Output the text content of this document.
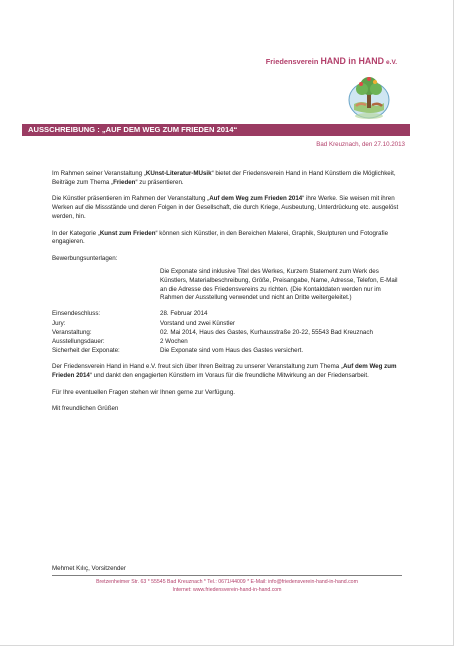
Friedensverein HAND in HAND e.V.
AUSSCHREIBUNG : „AUF DEM WEG ZUM FRIEDEN 2014“
Bad Kreuznach, den 27.10.2013

Im Rahmen seiner Veranstaltung „KUnst-Literatur-MUsik“ bietet der Friedensverein Hand in Hand Künstlern die Möglichkeit, Beiträge zum Thema „Frieden“ zu präsentieren.

Die Künstler präsentieren im Rahmen der Veranstaltung „Auf dem Weg zum Frieden 2014“ ihre Werke. Sie weisen mit ihren Werken auf die Missstände und deren Folgen in der Gesellschaft, die durch Kriege, Ausbeutung, Unterdrückung etc. ausgelöst werden, hin.

In der Kategorie „Kunst zum Frieden“ können sich Künstler, in den Bereichen Malerei, Graphik, Skulpturen und Fotografie engagieren.

Bewerbungsunterlagen:
Die Exponate sind inklusive Titel des Werkes, Kurzem Statement zum Werk des Künstlers, Materialbeschreibung, Größe, Preisangabe, Name, Adresse, Telefon, E-Mail an die Adresse des Friedensvereins zu richten. (Die Kontaktdaten werden nur im Rahmen der Ausstellung verwendet und nicht an Dritte weitergeleitet.)
Einsendeschluss:	28. Februar 2014
Jury:	Vorstand und zwei Künstler
Veranstaltung:	02. Mai 2014, Haus des Gastes, Kurhausstraße 20-22, 55543 Bad Kreuznach
Ausstellungsdauer:	2 Wochen
Sicherheit der Exponate:	Die Exponate sind vom Haus des Gastes versichert.

Der Friedensverein Hand in Hand e.V. freut sich über Ihren Beitrag zu unserer Veranstaltung zum Thema „Auf dem Weg zum Frieden 2014“ und dankt den engagierten Künstlern im Voraus für die freundliche Mitwirkung an der Friedensarbeit.

Für Ihre eventuellen Fragen stehen wir Ihnen gerne zur Verfügung.

Mit freundlichen Grüßen

Mehmet Kılıç, Vorsitzender
Bretzenheimer Str. 63 * 55545 Bad Kreuznach * Tel.: 0671/44009 * E-Mail: info@friedensverein-hand-in-hand.com
Internet: www.friedensverein-hand-in-hand.com
